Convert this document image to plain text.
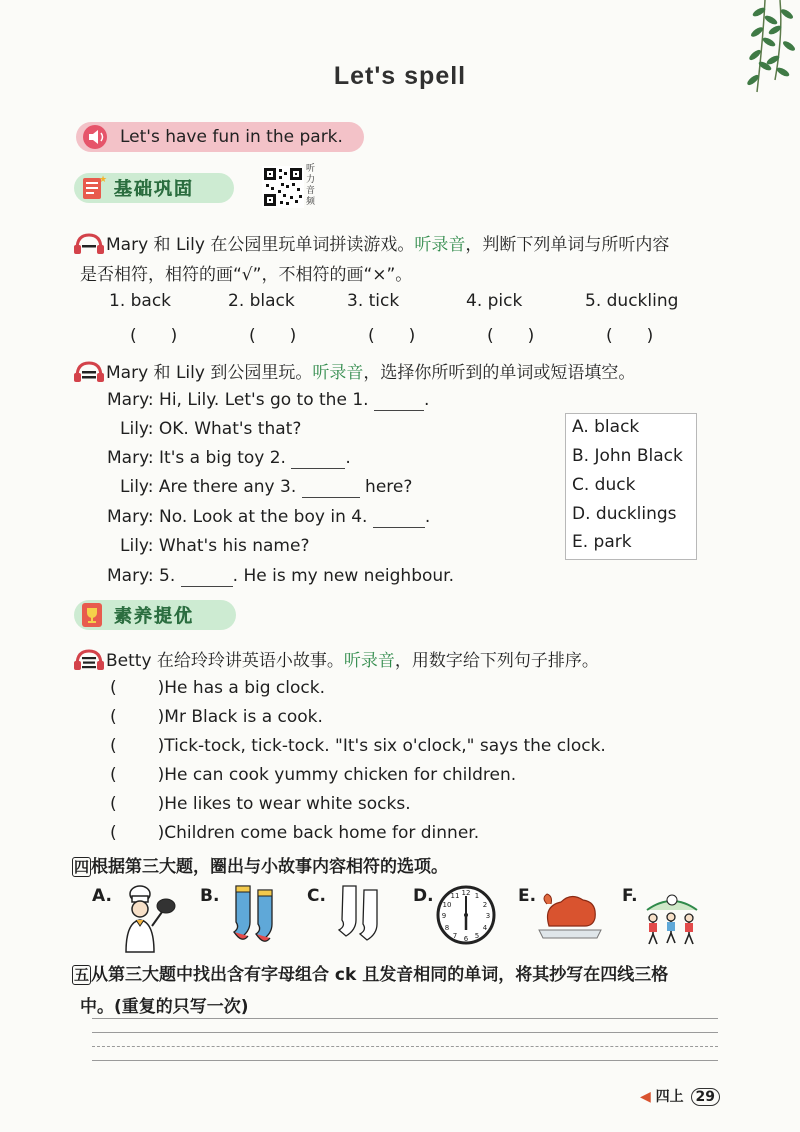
Let's spell
Let's have fun in the park.
★ 基础巩固
听
力
音
频
Mary 和 Lily 在公园里玩单词拼读游戏。听录音，判断下列单词与所听内容
是否相符，相符的画“√”，不相符的画“×”。
1. back	2. black	3. tick	4. pick	5. duckling
(　　)	(　　)	(　　)	(　　)	(　　)
Mary 和 Lily 到公园里玩。听录音，选择你所听到的单词或短语填空。
Mary: Hi, Lily. Let's go to the 1.	.
Lily: OK. What's that?
Mary: It's a big toy 2.	.
Lily: Are there any 3.	here?
Mary: No. Look at the boy in 4.	.
Lily: What's his name?
Mary: 5.	. He is my new neighbour.
A. black
B. John Black
C. duck
D. ducklings
E. park
素养提优
Betty 在给玲玲讲英语小故事。听录音，用数字给下列句子排序。
( )He has a big clock.
( )Mr Black is a cook.
( )Tick-tock, tick-tock. "It's six o'clock," says the clock.
( )He can cook yummy chicken for children.
( )He likes to wear white socks.
( )Children come back home for dinner.
四 根据第三大题，圈出与小故事内容相符的选项。
A.	B.	C.	D.	E.	F.
12
6
3
9
1
2
4
5
7
8
10
11
五 从第三大题中找出含有字母组合 ck 且发音相同的单词，将其抄写在四线三格
中。(重复的只写一次)
◀ 四上 29
